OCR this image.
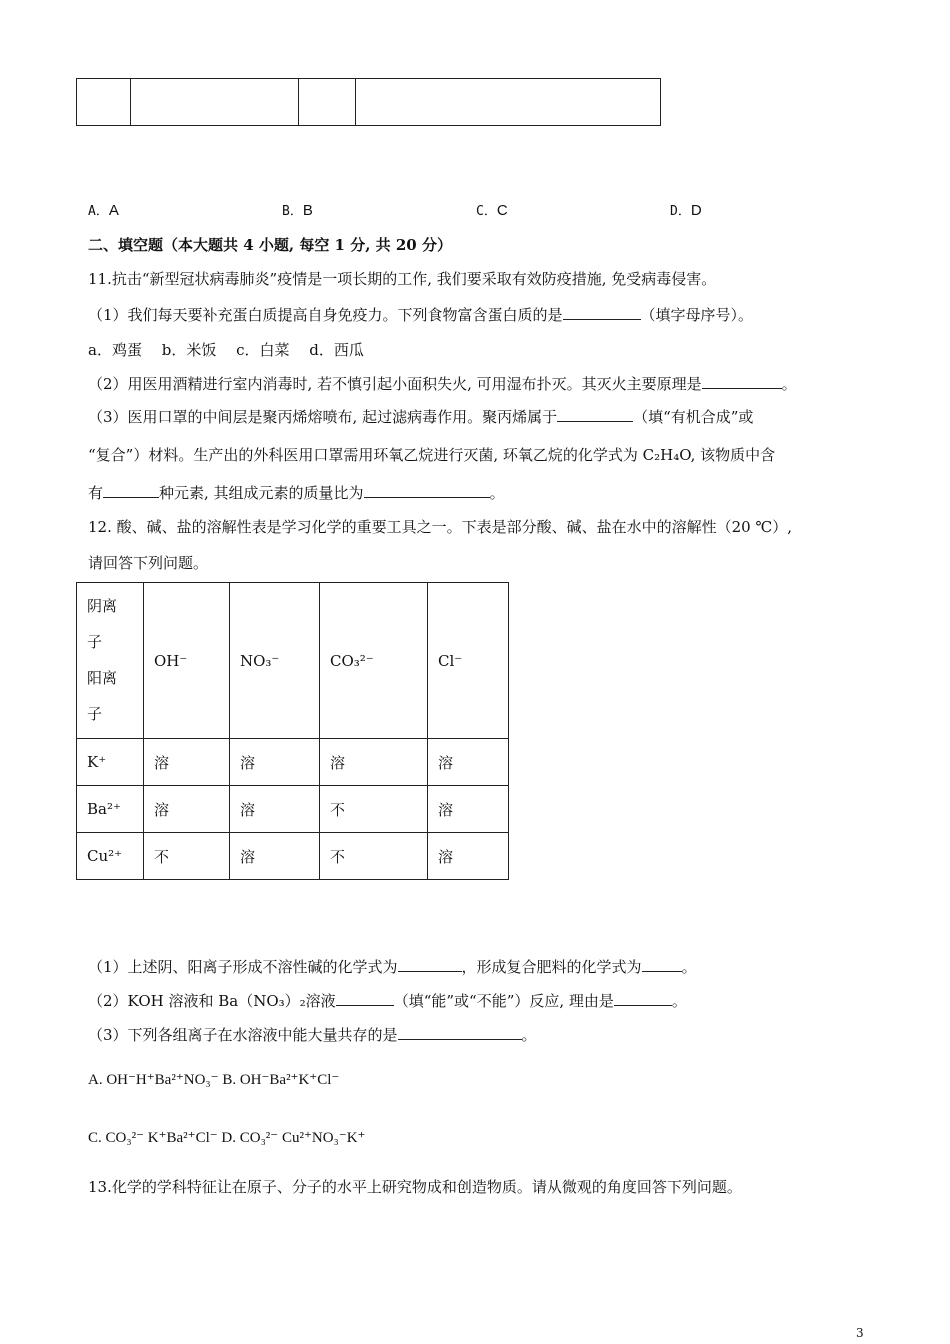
A．A	B．B	C．C	D．D
二、填空题（本大题共 4 小题, 每空 1 分, 共 20 分）
11.抗击“新型冠状病毒肺炎”疫情是一项长期的工作, 我们要采取有效防疫措施, 免受病毒侵害。
（1）我们每天要补充蛋白质提高自身免疫力。下列食物富含蛋白质的是	（填字母序号）。
a．鸡蛋　 b．米饭　 c．白菜　 d．西瓜
（2）用医用酒精进行室内消毒时, 若不慎引起小面积失火, 可用湿布扑灭。其灭火主要原理是	。
（3）医用口罩的中间层是聚丙烯熔喷布, 起过滤病毒作用。聚丙烯属于	（填“有机合成”或
“复合”）材料。生产出的外科医用口罩需用环氧乙烷进行灭菌, 环氧乙烷的化学式为 C₂H₄O, 该物质中含
有	种元素, 其组成元素的质量比为	。
12. 酸、碱、盐的溶解性表是学习化学的重要工具之一。下表是部分酸、碱、盐在水中的溶解性（20 ℃）,
请回答下列问题。
阴离
子
阳离
子	OH⁻	NO₃⁻	CO₃²⁻	Cl⁻
K⁺	溶	溶	溶	溶
Ba²⁺	溶	溶	不	溶
Cu²⁺	不	溶	不	溶
（1）上述阴、阳离子形成不溶性碱的化学式为	，形成复合肥料的化学式为	。
（2）KOH 溶液和 Ba（NO₃）₂溶液	（填“能”或“不能”）反应, 理由是	。
（3）下列各组离子在水溶液中能大量共存的是	。
A. OH⁻H⁺Ba²⁺NO₃⁻ B. OH⁻Ba²⁺K⁺Cl⁻
C. CO₃²⁻ K⁺Ba²⁺Cl⁻ D. CO₃²⁻ Cu²⁺NO₃⁻K⁺
13.化学的学科特征让在原子、分子的水平上研究物成和创造物质。请从微观的角度回答下列问题。
3
